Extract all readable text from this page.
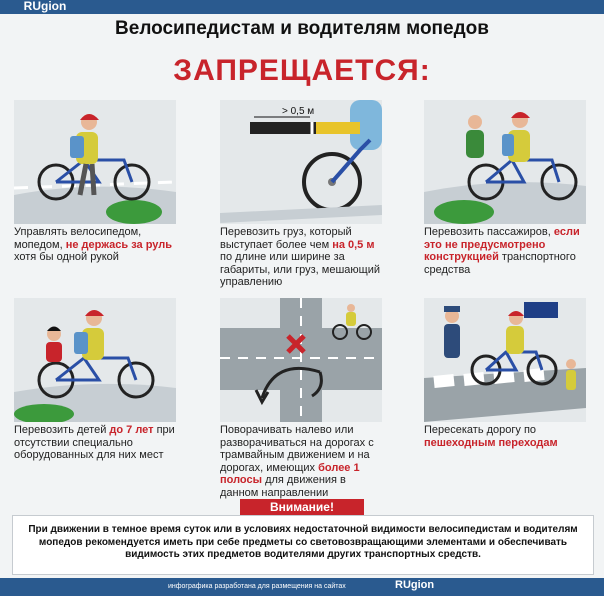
RUgion
Велосипедистам и водителям мопедов
ЗАПРЕЩАЕТСЯ:
Управлять велосипедом, мопедом, не держась за руль хотя бы одной рукой
> 0,5 м
Перевозить груз, который выступает более чем на 0,5 м по длине или ширине за габариты, или груз, мешающий управлению
Перевозить пассажиров, если это не предусмотрено конструкцией транспортного средства
Перевозить детей до 7 лет при отсутствии специально оборудованных для них мест
Поворачивать налево или разворачиваться на дорогах с трамвайным движением и на дорогах, имеющих более 1 полосы для движения в данном направлении
Пересекать дорогу по пешеходным переходам
Внимание!

При движении в темное время суток или в условиях недостаточной видимости велосипедистам и водителям мопедов рекомендуется иметь при себе предметы со световозвращающими элементами и обеспечивать видимость этих предметов водителями других транспортных средств.

инфографика разработана для размещения на сайтах	RUgion
